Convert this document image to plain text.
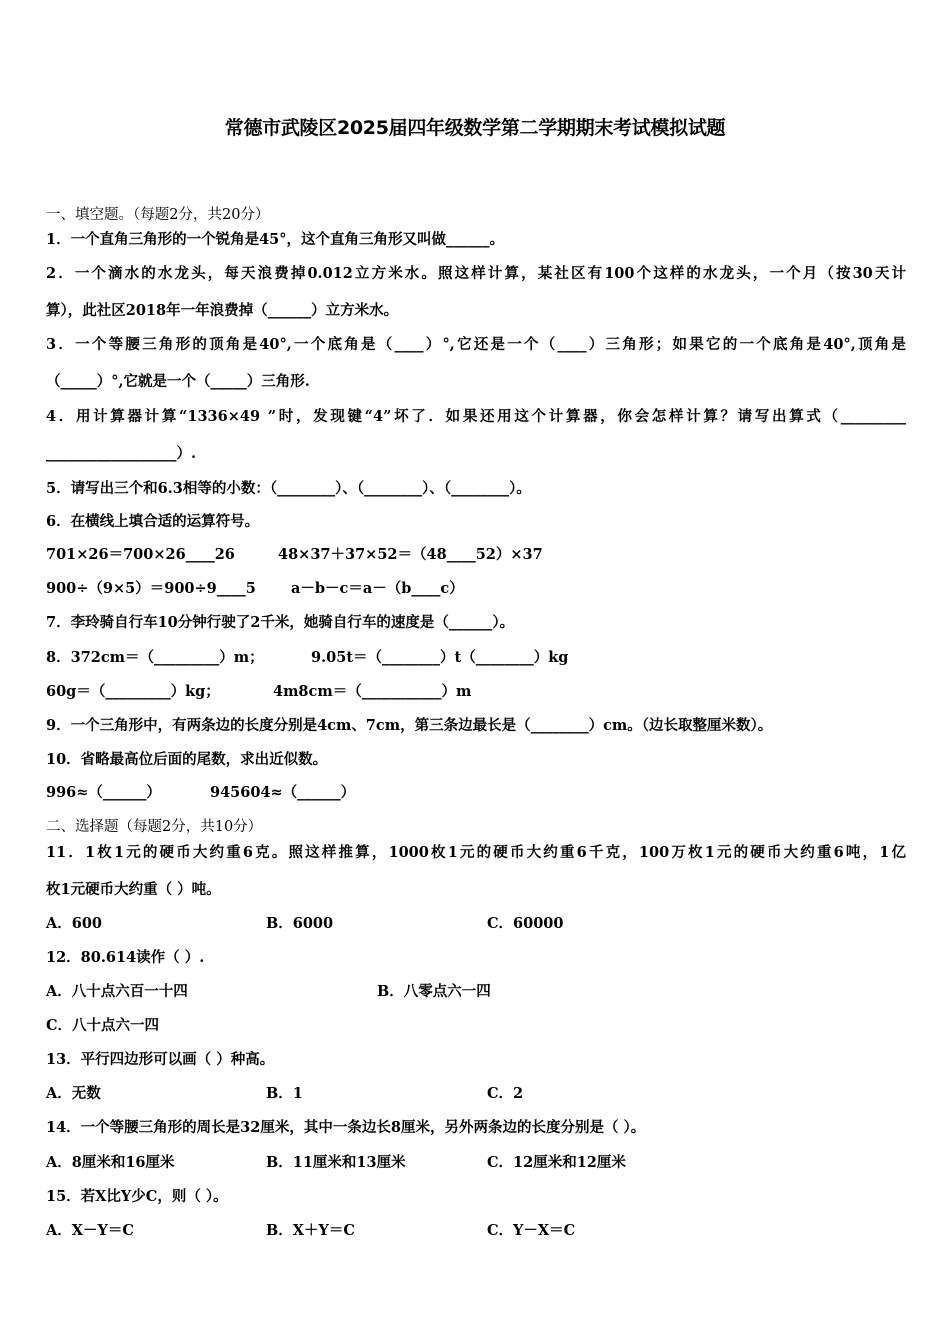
常德市武陵区2025届四年级数学第二学期期末考试模拟试题
一、填空题。（每题2分，共20分）
1．一个直角三角形的一个锐角是45°，这个直角三角形又叫做______。
2．一个滴水的水龙头，每天浪费掉0.012立方米水。照这样计算，某社区有100个这样的水龙头，一个月（按30天计
算），此社区2018年一年浪费掉（______）立方米水。
3．一个等腰三角形的顶角是40°,一个底角是（____）°,它还是一个（____）三角形；如果它的一个底角是40°,顶角是
（_____）°,它就是一个（_____）三角形.
4．用计算器计算“1336×49 ”时，发现键“4”坏了．如果还用这个计算器，你会怎样计算？请写出算式（_________
__________________）.
5．请写出三个和6.3相等的小数：（________）、（________）、（________）。
6．在横线上填合适的运算符号。
701×26＝700×26____26	48×37＋37×52＝（48____52）×37
900÷（9×5）＝900÷9____5 a－b－c＝a－（b____c）
7．李玲骑自行车10分钟行驶了2千米，她骑自行车的速度是（______）。
8．372cm＝（_________）m；	9.05t＝（________）t（________）kg
60g＝（_________）kg；	4m8cm＝（___________）m
9．一个三角形中，有两条边的长度分别是4cm、7cm，第三条边最长是（________）cm。（边长取整厘米数）。
10．省略最高位后面的尾数，求出近似数。
996≈（______）	945604≈（______）
二、选择题（每题2分，共10分）
11．1枚1元的硬币大约重6克。照这样推算，1000枚1元的硬币大约重6千克，100万枚1元的硬币大约重6吨，1亿
枚1元硬币大约重（ ）吨。
A．600	B．6000	C．60000
12．80.614读作（ ）.
A．八十点六百一十四	B．八零点六一四
C．八十点六一四
13．平行四边形可以画（ ）种高。
A．无数	B．1	C．2
14．一个等腰三角形的周长是32厘米，其中一条边长8厘米，另外两条边的长度分别是（ ）。
A．8厘米和16厘米	B．11厘米和13厘米	C．12厘米和12厘米
15．若X比Y少C，则（ ）。
A．X－Y＝C	B．X＋Y＝C	C．Y－X＝C
